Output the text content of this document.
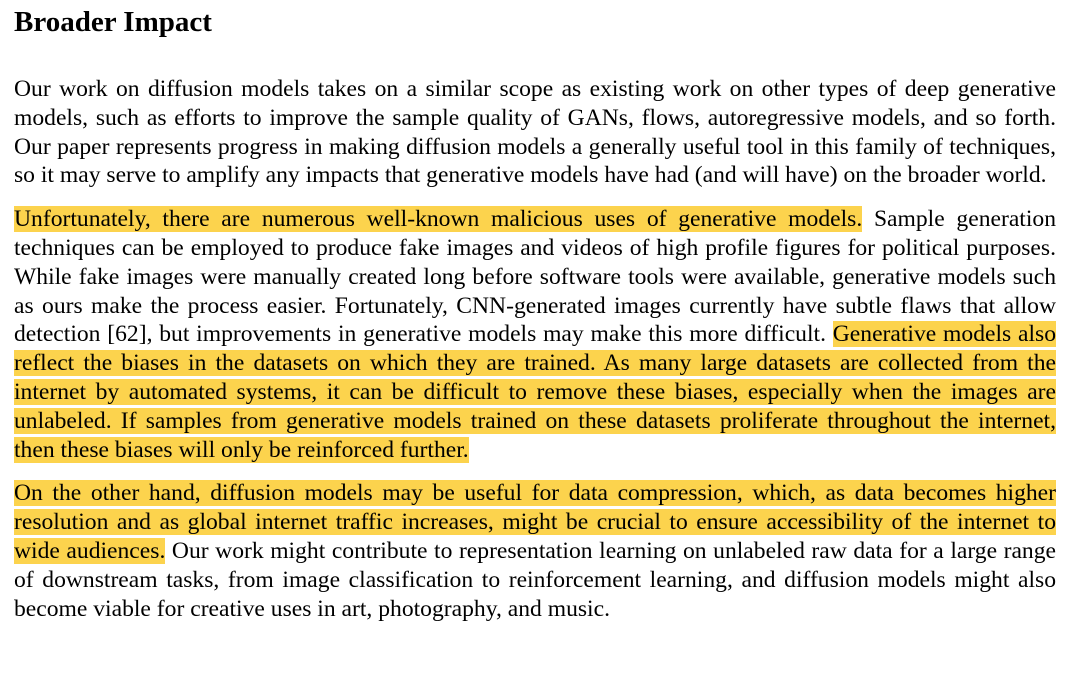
Broader Impact

Our work on diffusion models takes on a similar scope as existing work on other types of deep generative models, such as efforts to improve the sample quality of GANs, flows, autoregressive models, and so forth. Our paper represents progress in making diffusion models a generally useful tool in this family of techniques, so it may serve to amplify any impacts that generative models have had (and will have) on the broader world.

Unfortunately, there are numerous well-known malicious uses of generative models. Sample generation techniques can be employed to produce fake images and videos of high profile figures for political purposes. While fake images were manually created long before software tools were available, generative models such as ours make the process easier. Fortunately, CNN-generated images currently have subtle flaws that allow detection [62], but improvements in generative models may make this more difficult. Generative models also reflect the biases in the datasets on which they are trained. As many large datasets are collected from the internet by automated systems, it can be difficult to remove these biases, especially when the images are unlabeled. If samples from generative models trained on these datasets proliferate throughout the internet, then these biases will only be reinforced further.

On the other hand, diffusion models may be useful for data compression, which, as data becomes higher resolution and as global internet traffic increases, might be crucial to ensure accessibility of the internet to wide audiences. Our work might contribute to representation learning on unlabeled raw data for a large range of downstream tasks, from image classification to reinforcement learning, and diffusion models might also become viable for creative uses in art, photography, and music.
